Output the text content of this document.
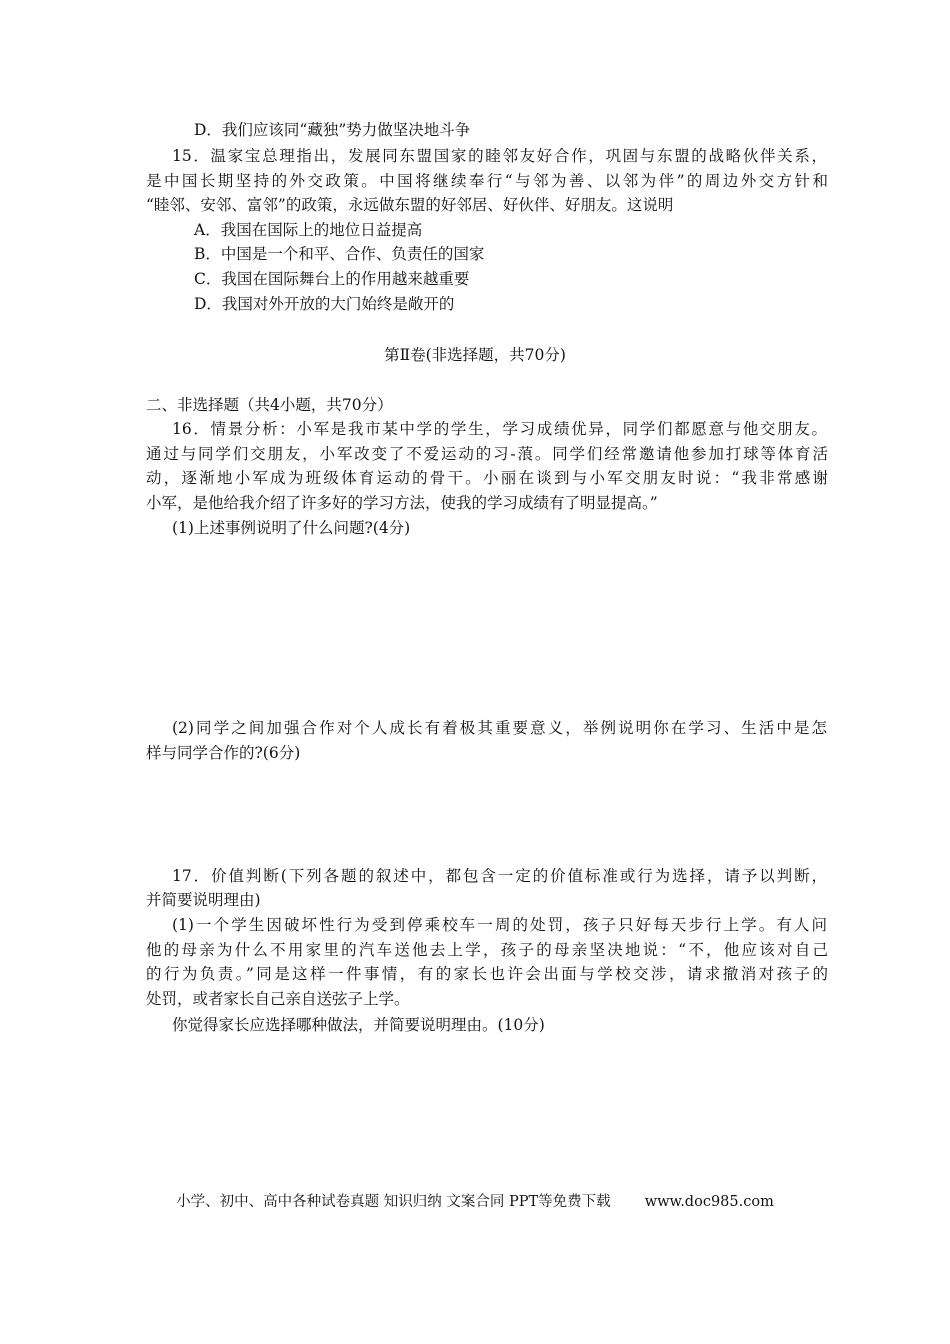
D．我们应该同“藏独”势力做坚决地斗争
15．温家宝总理指出，发展同东盟国家的睦邻友好合作，巩固与东盟的战略伙伴关系，
是中国长期坚持的外交政策。中国将继续奉行“与邻为善、以邻为伴”的周边外交方针和
“睦邻、安邻、富邻”的政策，永远做东盟的好邻居、好伙伴、好朋友。这说明
A．我国在国际上的地位日益提高
B．中国是一个和平、合作、负责任的国家
C．我国在国际舞台上的作用越来越重要
D．我国对外开放的大门始终是敞开的
第Ⅱ卷(非选择题，共70分)
二、非选择题（共4小题，共70分）
16．情景分析：小军是我市某中学的学生，学习成绩优异，同学们都愿意与他交朋友。
通过与同学们交朋友，小军改变了不爱运动的习-蒗。同学们经常邀请他参加打球等体育活
动，逐渐地小军成为班级体育运动的骨干。小丽在谈到与小军交朋友时说：“我非常感谢
小军，是他给我介绍了许多好的学习方法，使我的学习成绩有了明显提高。”
(1)上述事例说明了什么问题?(4分)
(2)同学之间加强合作对个人成长有着极其重要意义，举例说明你在学习、生活中是怎
样与同学合作的?(6分)
17．价值判断(下列各题的叙述中，都包含一定的价值标准或行为选择，请予以判断，
并简要说明理由)
(1)一个学生因破坏性行为受到停乘校车一周的处罚，孩子只好每天步行上学。有人问
他的母亲为什么不用家里的汽车送他去上学，孩子的母亲坚决地说：“不，他应该对自己
的行为负责。”同是这样一件事情，有的家长也许会出面与学校交涉，请求撤消对孩子的
处罚，或者家长自己亲自送弦子上学。
你觉得家长应选择哪种做法，并简要说明理由。(10分)
小学、初中、高中各种试卷真题 知识归纳 文案合同 PPT等免费下载 www.doc985.com
